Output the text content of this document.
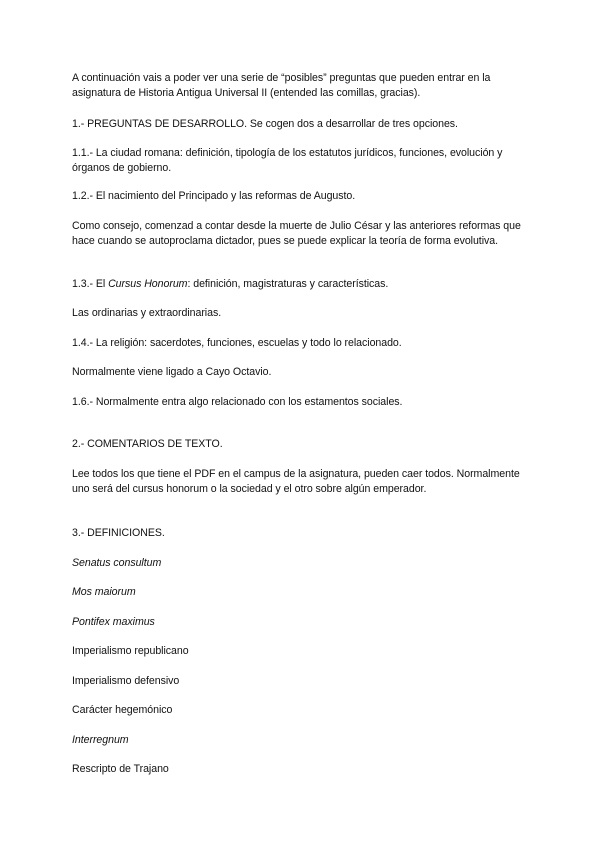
A continuación vais a poder ver una serie de “posibles” preguntas que pueden entrar en la asignatura de Historia Antigua Universal II (entended las comillas, gracias).

1.- PREGUNTAS DE DESARROLLO. Se cogen dos a desarrollar de tres opciones.

1.1.- La ciudad romana: definición, tipología de los estatutos jurídicos, funciones, evolución y órganos de gobierno.

1.2.- El nacimiento del Principado y las reformas de Augusto.

Como consejo, comenzad a contar desde la muerte de Julio César y las anteriores reformas que hace cuando se autoproclama dictador, pues se puede explicar la teoría de forma evolutiva.

1.3.- El Cursus Honorum: definición, magistraturas y características.

Las ordinarias y extraordinarias.

1.4.- La religión: sacerdotes, funciones, escuelas y todo lo relacionado.

Normalmente viene ligado a Cayo Octavio.

1.6.- Normalmente entra algo relacionado con los estamentos sociales.

2.- COMENTARIOS DE TEXTO.

Lee todos los que tiene el PDF en el campus de la asignatura, pueden caer todos. Normalmente uno será del cursus honorum o la sociedad y el otro sobre algún emperador.

3.- DEFINICIONES.

Senatus consultum

Mos maiorum

Pontifex maximus

Imperialismo republicano

Imperialismo defensivo

Carácter hegemónico

Interregnum

Rescripto de Trajano
